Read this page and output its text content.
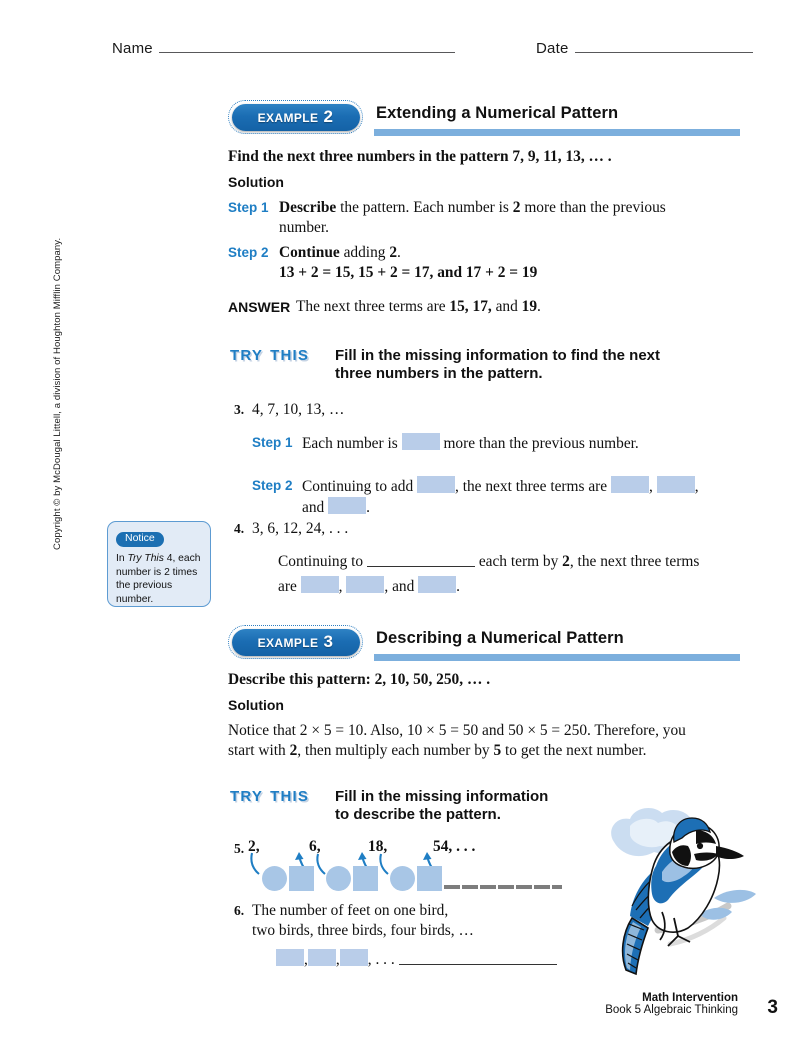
Name	Date
Copyright © by McDougal Littell, a division of Houghton Mifflin Company.
example 2	Extending a Numerical Pattern
Find the next three numbers in the pattern 7, 9, 11, 13, … .
Solution
Step 1 Describe the pattern. Each number is 2 more than the previous
number.
Step 2 Continue adding 2.
13 + 2 = 15, 15 + 2 = 17, and 17 + 2 = 19
ANSWER The next three terms are 15, 17, and 19.
try this Fill in the missing information to find the next
three numbers in the pattern.
3. 4, 7, 10, 13, …
Step 1 Each number is	more than the previous number.
Step 2 Continuing to add	, the next three terms are	,	,
and	.
4. 3, 6, 12, 24, . . .
Continuing to	each term by 2, the next three terms
are	,	, and	.
Notice
In Try This 4, each number is 2 times the previous number.
example 3	Describing a Numerical Pattern
Describe this pattern: 2, 10, 50, 250, … .
Solution
Notice that 2 × 5 = 10. Also, 10 × 5 = 50 and 50 × 5 = 250. Therefore, you
start with 2, then multiply each number by 5 to get the next number.
try this Fill in the missing information
to describe the pattern.
5. 2,	6,	18,	54, . . .
6. The number of feet on one bird,
two birds, three birds, four birds, …
, , , . . .
Math Intervention
Book 5 Algebraic Thinking 3
